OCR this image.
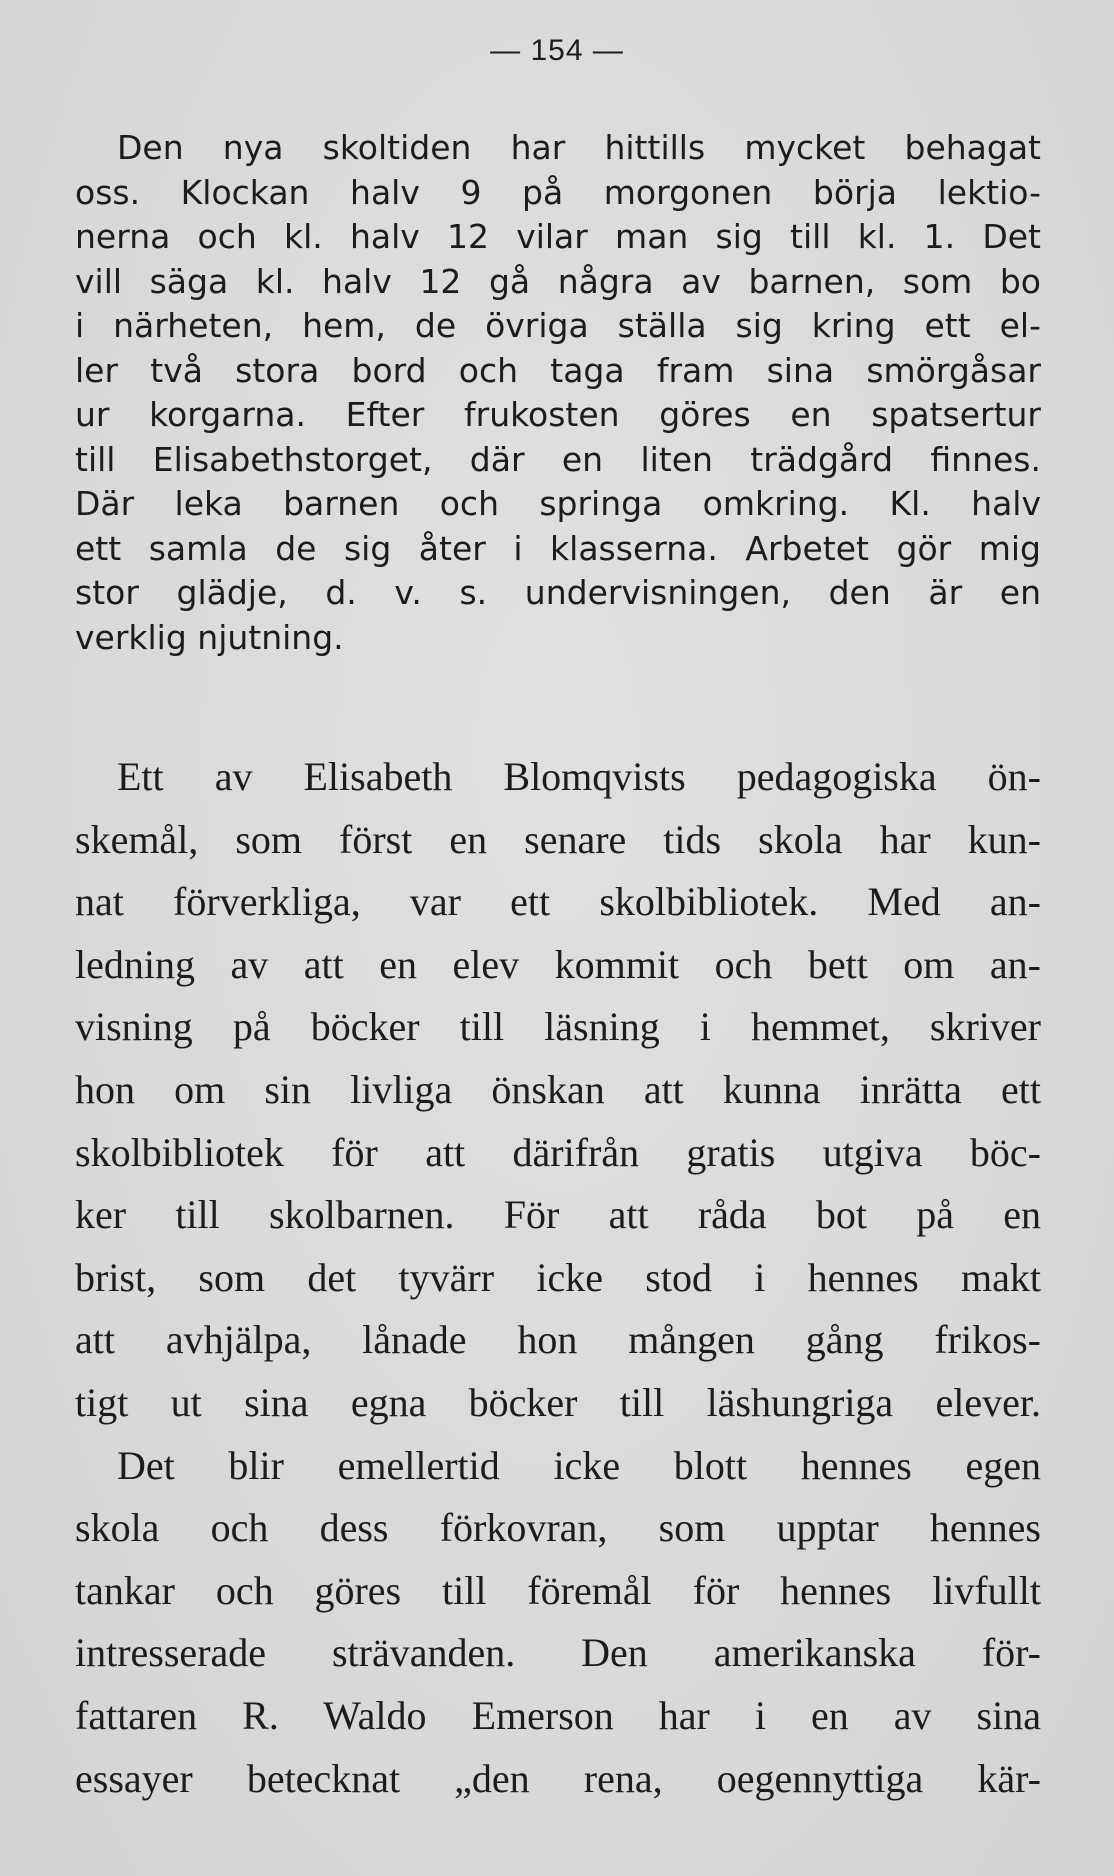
— 154 —
Den nya skoltiden har hittills mycket behagat
oss. Klockan halv 9 på morgonen börja lektio-
nerna och kl. halv 12 vilar man sig till kl. 1. Det
vill säga kl. halv 12 gå några av barnen, som bo
i närheten, hem, de övriga ställa sig kring ett el-
ler två stora bord och taga fram sina smörgåsar
ur korgarna. Efter frukosten göres en spatsertur
till Elisabethstorget, där en liten trädgård finnes.
Där leka barnen och springa omkring. Kl. halv
ett samla de sig åter i klasserna. Arbetet gör mig
stor glädje, d. v. s. undervisningen, den är en
verklig njutning.
Ett av Elisabeth Blomqvists pedagogiska ön-
skemål, som först en senare tids skola har kun-
nat förverkliga, var ett skolbibliotek. Med an-
ledning av att en elev kommit och bett om an-
visning på böcker till läsning i hemmet, skriver
hon om sin livliga önskan att kunna inrätta ett
skolbibliotek för att därifrån gratis utgiva böc-
ker till skolbarnen. För att råda bot på en
brist, som det tyvärr icke stod i hennes makt
att avhjälpa, lånade hon mången gång frikos-
tigt ut sina egna böcker till läshungriga elever.
Det blir emellertid icke blott hennes egen
skola och dess förkovran, som upptar hennes
tankar och göres till föremål för hennes livfullt
intresserade strävanden. Den amerikanska för-
fattaren R. Waldo Emerson har i en av sina
essayer betecknat „den rena, oegennyttiga kär-
